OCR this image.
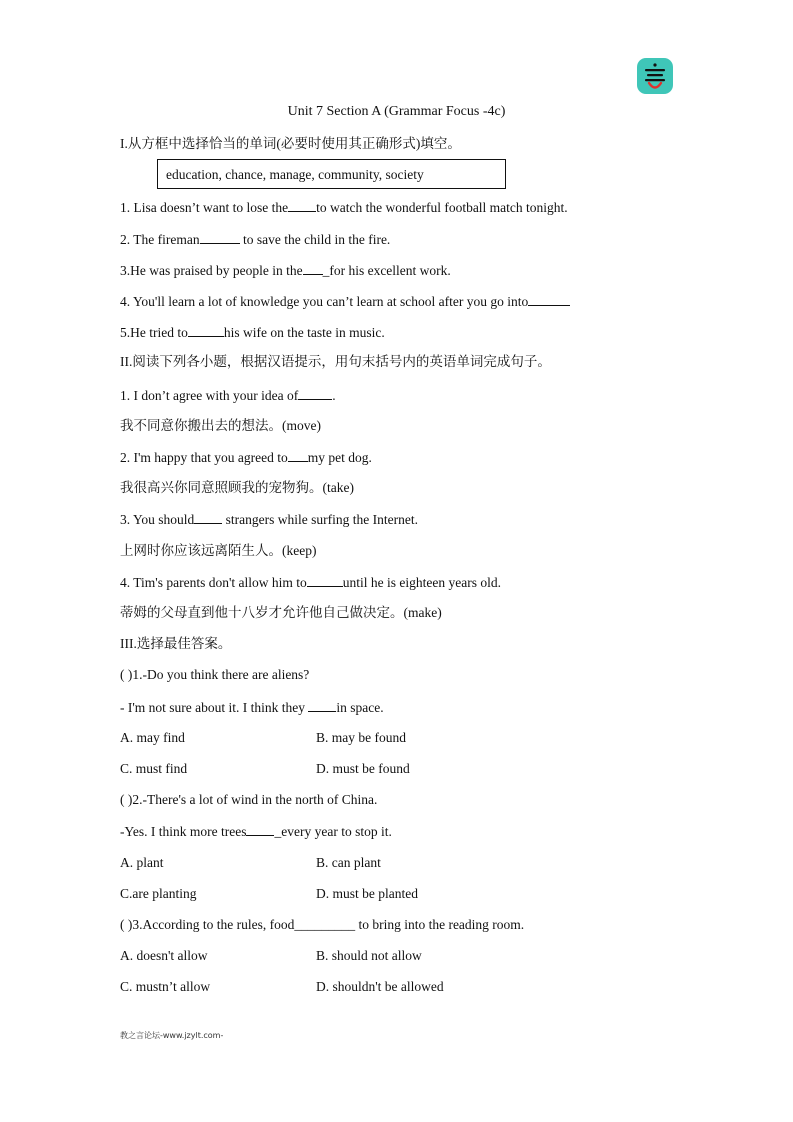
Unit 7 Section A (Grammar Focus -4c)
I.从方框中选择恰当的单词(必要时使用其正确形式)填空。
education, chance, manage, community, society
1. Lisa doesn’t want to lose the to watch the wonderful football match tonight.
2. The fireman	to save the child in the fire.
3.He was praised by people in the _for his excellent work.
4. You'll learn a lot of knowledge you can’t learn at school after you go into
5.He tried to	his wife on the taste in music.
II.阅读下列各小题，根据汉语提示，用句末括号内的英语单词完成句子。
1. I don’t agree with your idea of	.
我不同意你搬出去的想法。(move)
2. I'm happy that you agreed to my pet dog.
我很高兴你同意照顾我的宠物狗。(take)
3. You should strangers while surfing the Internet.
上网时你应该远离陌生人。(keep)
4. Tim's parents don't allow him to	until he is eighteen years old.
蒂姆的父母直到他十八岁才允许他自己做决定。(make)
III.选择最佳答案。
( )1.-Do you think there are aliens?
- I'm not sure about it. I think they in space.
A. may find	B. may be found
C. must find	D. must be found
( )2.-There's a lot of wind in the north of China.
-Yes. I think more trees _every year to stop it.
A. plant	B. can plant
C.are planting	D. must be planted
( )3.According to the rules, food_________ to bring into the reading room.
A. doesn't allow	B. should not allow
C. mustn’t allow	D. shouldn't be allowed
教之言论坛-www.jzylt.com-
